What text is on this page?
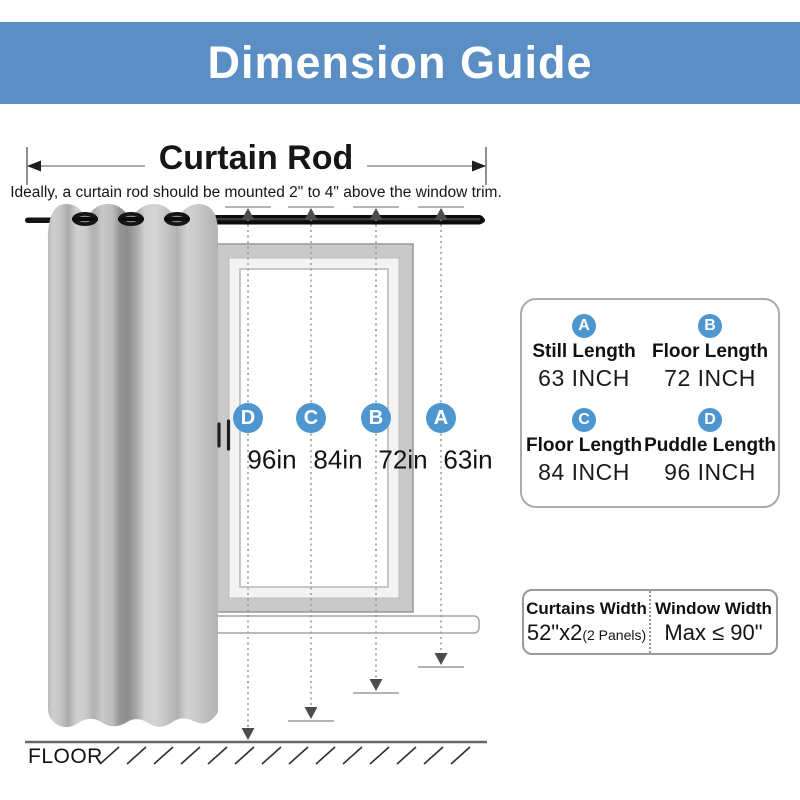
Dimension Guide
Curtain Rod
Ideally, a curtain rod should be mounted 2" to 4" above the window trim.
D	C	B	A
96in 84in 72in 63in
FLOOR
A
Still Length
63 INCH
B
Floor Length
72 INCH
C
Floor Length
84 INCH
D
Puddle Length
96 INCH
Curtains Width
52"x2(2 Panels)
Window Width
Max ≤ 90"
